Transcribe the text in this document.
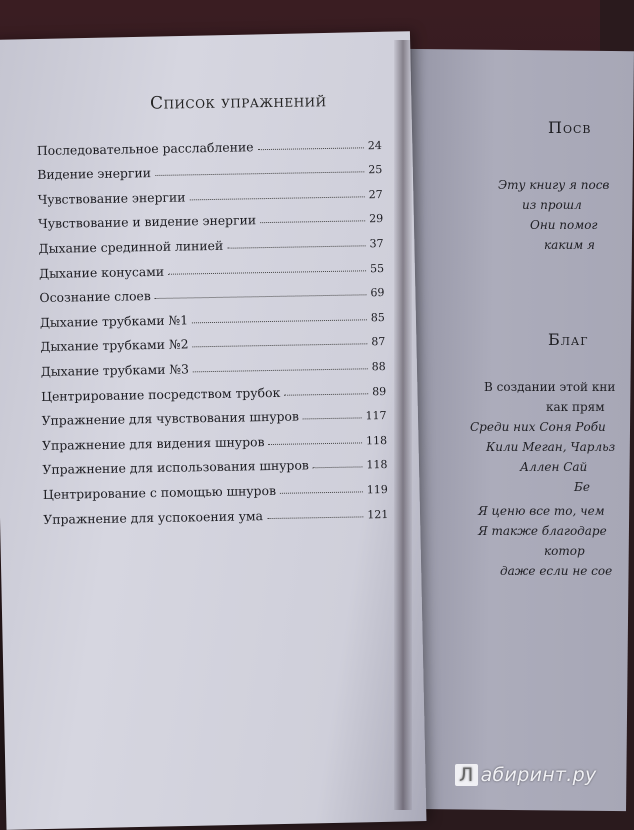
Список упражнений
Последовательное расслабление	24
Видение энергии	25
Чувствование энергии	27
Чувствование и видение энергии	29
Дыхание срединной линией	37
Дыхание конусами	55
Осознание слоев	69
Дыхание трубками №1	85
Дыхание трубками №2	87
Дыхание трубками №3	88
Центрирование посредством трубок	89
Упражнение для чувствования шнуров	117
Упражнение для видения шнуров	118
Упражнение для использования шнуров	118
Центрирование с помощью шнуров	119
Упражнение для успокоения ума	121
Посв
Эту книгу я посв
из прошл
Они помог
каким я
Благ
В создании этой кни
как прям
Среди них Соня Роби
Кили Меган, Чарльз
Аллен Сай
Бе
Я ценю все то, чем
Я также благодаре
котор
даже если не сое
Л абиринт.ру
